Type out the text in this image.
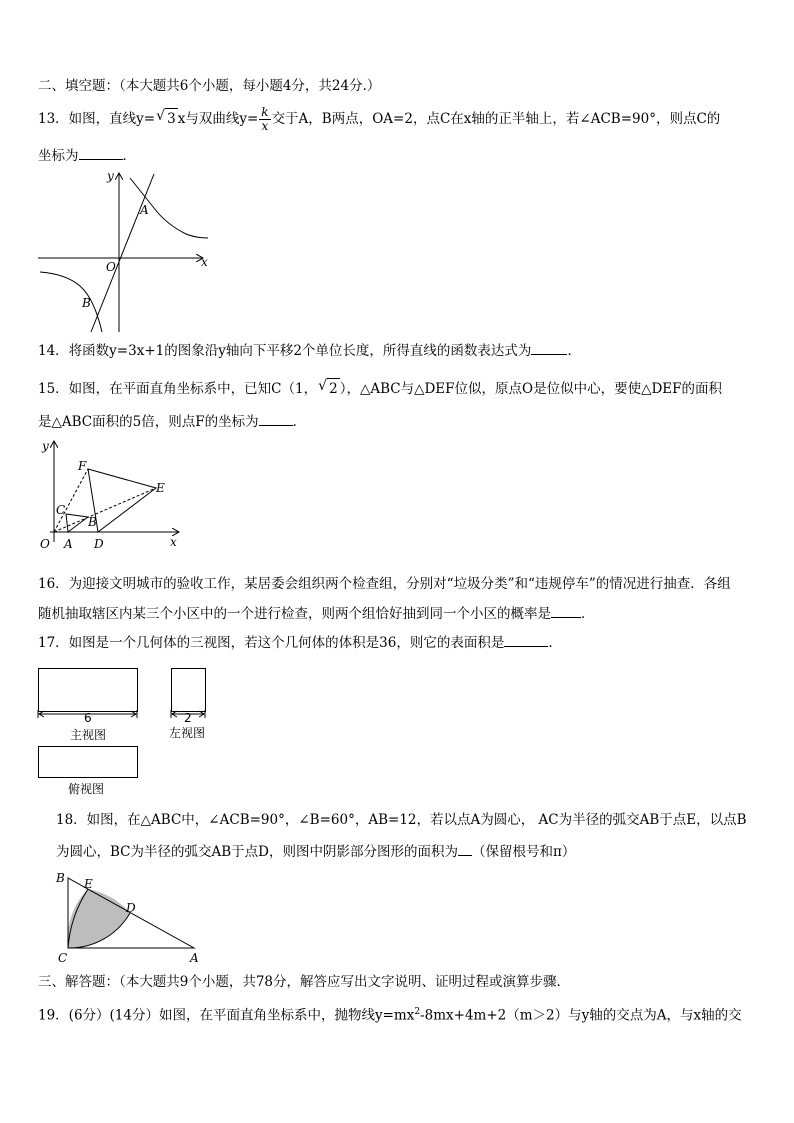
二、填空题：（本大题共6个小题，每小题4分，共24分.）
13．如图，直线y= √ 3 x与双曲线$y= \frac{k}{x}$ 交于A，B两点，OA=2，点C在x轴的正半轴上，若∠ACB=90°，则点C的
坐标为	．
y
x
A
O
B
14．将函数y=3x+1的图象沿y轴向下平移2个单位长度，所得直线的函数表达式为	．
15．如图，在平面直角坐标系中，已知C（1， √ 2 ），△ABC与△DEF位似，原点O是位似中心，要使△DEF的面积
是△ABC面积的5倍，则点F的坐标为	．
y
x
O A D
B
C
E
F
16．为迎接文明城市的验收工作，某居委会组织两个检查组，分别对“垃圾分类”和“违规停车”的情况进行抽查．各组
随机抽取辖区内某三个小区中的一个进行检查，则两个组恰好抽到同一个小区的概率是 ．
17．如图是一个几何体的三视图，若这个几何体的体积是36，则它的表面积是	.
6
主视图
2
左视图
俯视图
18．如图，在△ABC中，∠ACB=90°，∠B=60°，AB=12，若以点A为圆心， AC为半径的弧交AB于点E，以点B
为圆心，BC为半径的弧交AB于点D，则图中阴影部分图形的面积为 （保留根号和π）
B E
D
C	A
三、解答题：（本大题共9个小题，共78分，解答应写出文字说明、证明过程或演算步骤．
19．(6分）(14分）如图，在平面直角坐标系中，抛物线$y=mx^2-8mx+4m+2(m>2)$与y轴的交点为A，与x轴的交
